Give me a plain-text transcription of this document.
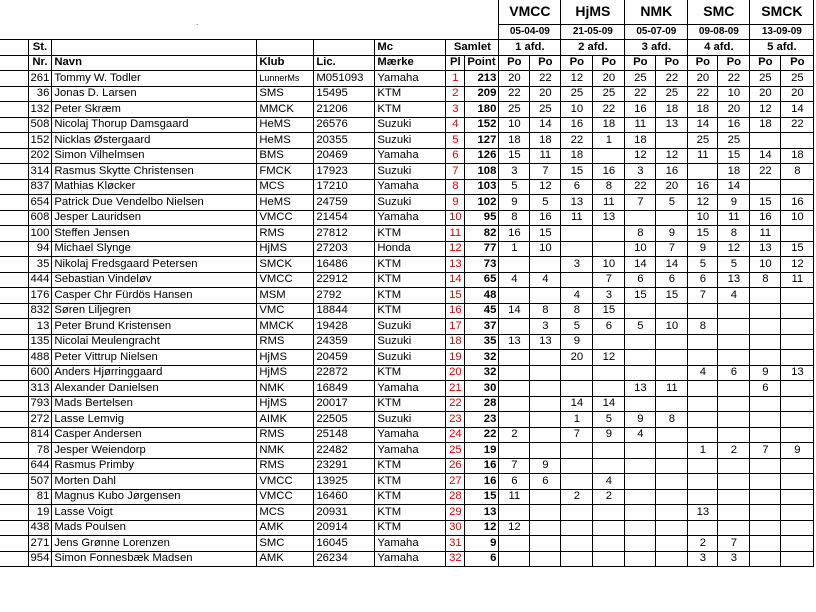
.
								VMCC		HjMS		NMK		SMC		SMCK	
								05-04-09		21-05-09		05-07-09		09-08-09		13-09-09	
	St.				Mc	Samlet		1 afd.		2 afd.		3 afd.		4 afd.		5 afd.	
	Nr.	Navn	Klub	Lic.	Mærke	Pl	Point	Po	Po	Po	Po	Po	Po	Po	Po	Po	Po
	261	Tommy W. Todler	LunnerMs	M051093	Yamaha	1	213	20	22	12	20	25	22	20	22	25	25
	36	Jonas D. Larsen	SMS	15495	KTM	2	209	22	20	25	25	22	25	22	10	20	20
	132	Peter Skræm	MMCK	21206	KTM	3	180	25	25	10	22	16	18	18	20	12	14
	508	Nicolaj Thorup Damsgaard	HeMS	26576	Suzuki	4	152	10	14	16	18	11	13	14	16	18	22
	152	Nicklas Østergaard	HeMS	20355	Suzuki	5	127	18	18	22	1	18		25	25		
	202	Simon Vilhelmsen	BMS	20469	Yamaha	6	126	15	11	18		12	12	11	15	14	18
	314	Rasmus Skytte Christensen	FMCK	17923	Suzuki	7	108	3	7	15	16	3	16		18	22	8
	837	Mathias Kløcker	MCS	17210	Yamaha	8	103	5	12	6	8	22	20	16	14		
	654	Patrick Due Vendelbo Nielsen	HeMS	24759	Suzuki	9	102	9	5	13	11	7	5	12	9	15	16
	608	Jesper Lauridsen	VMCC	21454	Yamaha	10	95	8	16	11	13			10	11	16	10
	100	Steffen Jensen	RMS	27812	KTM	11	82	16	15			8	9	15	8	11	
	94	Michael Slynge	HjMS	27203	Honda	12	77	1	10			10	7	9	12	13	15
	35	Nikolaj Fredsgaard Petersen	SMCK	16486	KTM	13	73			3	10	14	14	5	5	10	12
	444	Sebastian Vindeløv	VMCC	22912	KTM	14	65	4	4		7	6	6	6	13	8	11
	176	Casper Chr Fürdös Hansen	MSM	2792	KTM	15	48			4	3	15	15	7	4		
	832	Søren Liljegren	VMC	18844	KTM	16	45	14	8	8	15						
	13	Peter Brund Kristensen	MMCK	19428	Suzuki	17	37		3	5	6	5	10	8			
	135	Nicolai Meulengracht	RMS	24359	Suzuki	18	35	13	13	9							
	488	Peter Vittrup Nielsen	HjMS	20459	Suzuki	19	32			20	12						
	600	Anders Hjørringgaard	HjMS	22872	KTM	20	32							4	6	9	13
	313	Alexander Danielsen	NMK	16849	Yamaha	21	30					13	11			6	
	793	Mads Bertelsen	HjMS	20017	KTM	22	28			14	14						
	272	Lasse Lemvig	AIMK	22505	Suzuki	23	23			1	5	9	8				
	814	Casper Andersen	RMS	25148	Yamaha	24	22	2		7	9	4					
	78	Jesper Weiendorp	NMK	22482	Yamaha	25	19							1	2	7	9
	644	Rasmus Primby	RMS	23291	KTM	26	16	7	9								
	507	Morten Dahl	VMCC	13925	KTM	27	16	6	6		4						
	81	Magnus Kubo Jørgensen	VMCC	16460	KTM	28	15	11		2	2						
	19	Lasse Voigt	MCS	20931	KTM	29	13							13			
	438	Mads Poulsen	AMK	20914	KTM	30	12	12									
	271	Jens Grønne Lorenzen	SMC	16045	Yamaha	31	9							2	7		
	954	Simon Fonnesbæk Madsen	AMK	26234	Yamaha	32	6							3	3		
